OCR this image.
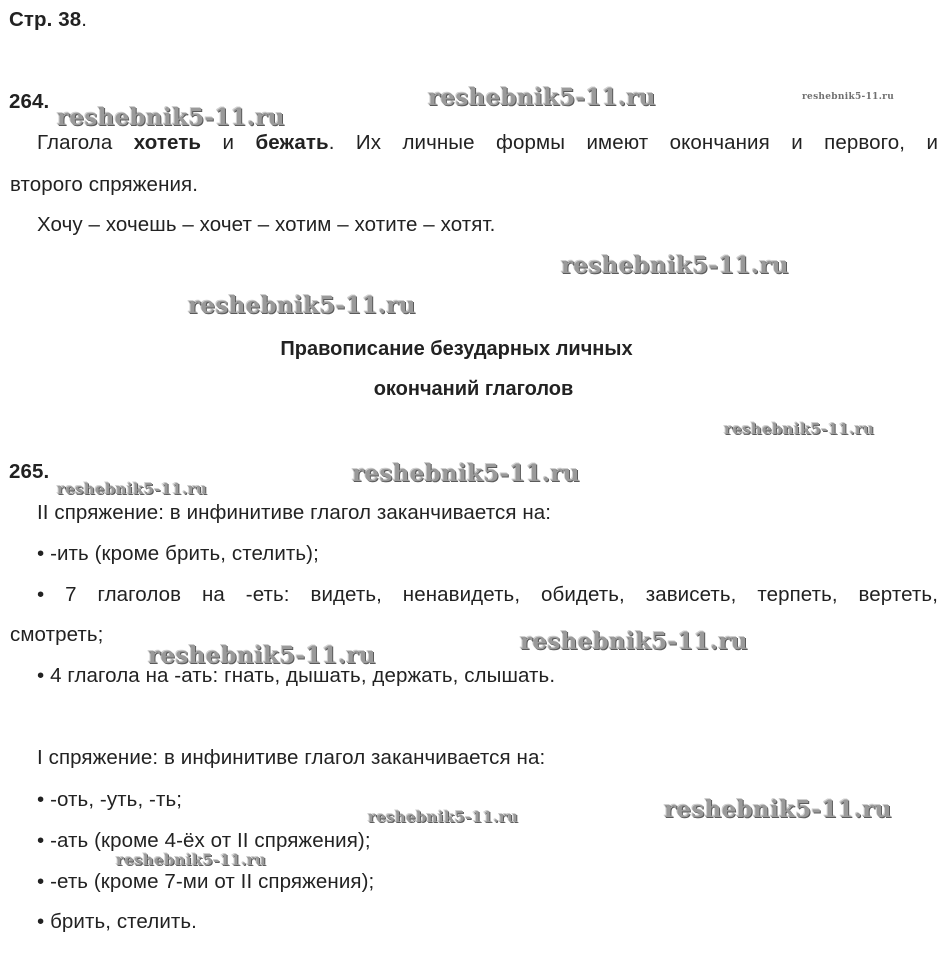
Стр. 38.
264.
Глагола хотеть и бежать. Их личные формы имеют окончания и первого, и
второго спряжения.
Хочу – хочешь – хочет – хотим – хотите – хотят.
Правописание безударных личных
окончаний глаголов
265.
II спряжение: в инфинитиве глагол заканчивается на:
• -ить (кроме брить, стелить);
• 7 глаголов на -еть: видеть, ненавидеть, обидеть, зависеть, терпеть, вертеть,
смотреть;
• 4 глагола на -ать: гнать, дышать, держать, слышать.
I спряжение: в инфинитиве глагол заканчивается на:
• -оть, -уть, -ть;
• -ать (кроме 4-ёх от II спряжения);
• -еть (кроме 7-ми от II спряжения);
• брить, стелить.
reshebnik5-11.ru
reshebnik5-11.ru	reshebnik5-11.ru
reshebnik5-11.ru
reshebnik5-11.ru
reshebnik5-11.ru
reshebnik5-11.ru
reshebnik5-11.ru
reshebnik5-11.ru
reshebnik5-11.ru
reshebnik5-11.ru
reshebnik5-11.ru
reshebnik5-11.ru
